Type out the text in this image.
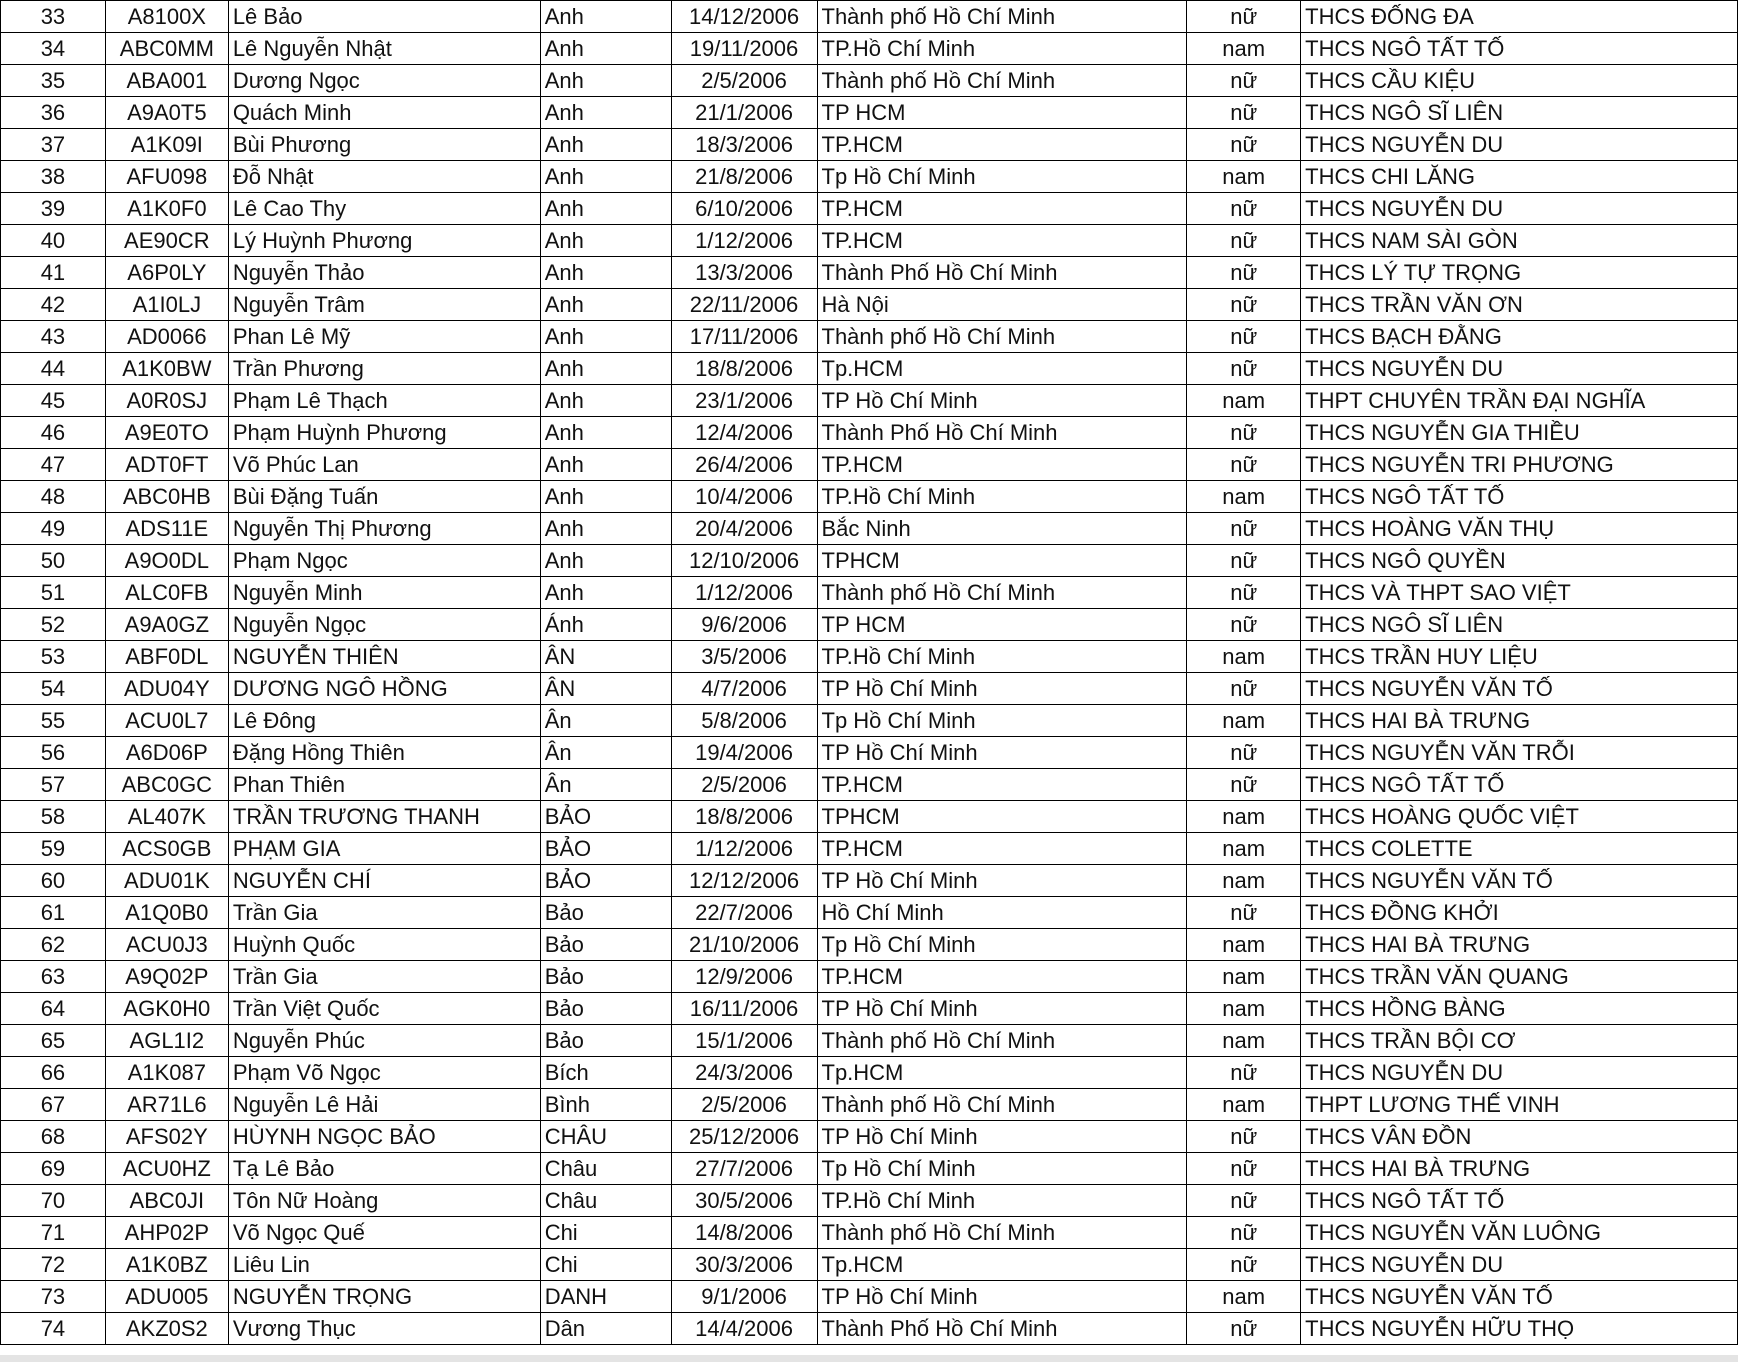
33	A8100X	Lê Bảo	Anh	14/12/2006	Thành phố Hồ Chí Minh	nữ	THCS ĐỐNG ĐA
34	ABC0MM	Lê Nguyễn Nhật	Anh	19/11/2006	TP.Hồ Chí Minh	nam	THCS NGÔ TẤT TỐ
35	ABA001	Dương Ngọc	Anh	2/5/2006	Thành phố Hồ Chí Minh	nữ	THCS CẦU KIỆU
36	A9A0T5	Quách Minh	Anh	21/1/2006	TP HCM	nữ	THCS NGÔ SĨ LIÊN
37	A1K09I	Bùi Phương	Anh	18/3/2006	TP.HCM	nữ	THCS NGUYỄN DU
38	AFU098	Đỗ Nhật	Anh	21/8/2006	Tp Hồ Chí Minh	nam	THCS CHI LĂNG
39	A1K0F0	Lê Cao Thy	Anh	6/10/2006	TP.HCM	nữ	THCS NGUYỄN DU
40	AE90CR	Lý Huỳnh Phương	Anh	1/12/2006	TP.HCM	nữ	THCS NAM SÀI GÒN
41	A6P0LY	Nguyễn Thảo	Anh	13/3/2006	Thành Phố Hồ Chí Minh	nữ	THCS LÝ TỰ TRỌNG
42	A1I0LJ	Nguyễn Trâm	Anh	22/11/2006	Hà Nội	nữ	THCS TRẦN VĂN ƠN
43	AD0066	Phan Lê Mỹ	Anh	17/11/2006	Thành phố Hồ Chí Minh	nữ	THCS BẠCH ĐẰNG
44	A1K0BW	Trần Phương	Anh	18/8/2006	Tp.HCM	nữ	THCS NGUYỄN DU
45	A0R0SJ	Phạm Lê Thạch	Anh	23/1/2006	TP Hồ Chí Minh	nam	THPT CHUYÊN TRẦN ĐẠI NGHĨA
46	A9E0TO	Phạm Huỳnh Phương	Anh	12/4/2006	Thành Phố Hồ Chí Minh	nữ	THCS NGUYỄN GIA THIỀU
47	ADT0FT	Võ Phúc Lan	Anh	26/4/2006	TP.HCM	nữ	THCS NGUYỄN TRI PHƯƠNG
48	ABC0HB	Bùi Đặng Tuấn	Anh	10/4/2006	TP.Hồ Chí Minh	nam	THCS NGÔ TẤT TỐ
49	ADS11E	Nguyễn Thị Phương	Anh	20/4/2006	Bắc Ninh	nữ	THCS HOÀNG VĂN THỤ
50	A9O0DL	Phạm Ngọc	Anh	12/10/2006	TPHCM	nữ	THCS NGÔ QUYỀN
51	ALC0FB	Nguyễn Minh	Anh	1/12/2006	Thành phố Hồ Chí Minh	nữ	THCS VÀ THPT SAO VIỆT
52	A9A0GZ	Nguyễn Ngọc	Ánh	9/6/2006	TP HCM	nữ	THCS NGÔ SĨ LIÊN
53	ABF0DL	NGUYỄN THIÊN	ÂN	3/5/2006	TP.Hồ Chí Minh	nam	THCS TRẦN HUY LIỆU
54	ADU04Y	DƯƠNG NGÔ HỒNG	ÂN	4/7/2006	TP Hồ Chí Minh	nữ	THCS NGUYỄN VĂN TỐ
55	ACU0L7	Lê Đông	Ân	5/8/2006	Tp Hồ Chí Minh	nam	THCS HAI BÀ TRƯNG
56	A6D06P	Đặng Hồng Thiên	Ân	19/4/2006	TP Hồ Chí Minh	nữ	THCS NGUYỄN VĂN TRỖI
57	ABC0GC	Phan Thiên	Ân	2/5/2006	TP.HCM	nữ	THCS NGÔ TẤT TỐ
58	AL407K	TRẦN TRƯƠNG THANH	BẢO	18/8/2006	TPHCM	nam	THCS HOÀNG QUỐC VIỆT
59	ACS0GB	PHẠM GIA	BẢO	1/12/2006	TP.HCM	nam	THCS COLETTE
60	ADU01K	NGUYỄN CHÍ	BẢO	12/12/2006	TP Hồ Chí Minh	nam	THCS NGUYỄN VĂN TỐ
61	A1Q0B0	Trần Gia	Bảo	22/7/2006	Hồ Chí Minh	nữ	THCS ĐỒNG KHỞI
62	ACU0J3	Huỳnh Quốc	Bảo	21/10/2006	Tp Hồ Chí Minh	nam	THCS HAI BÀ TRƯNG
63	A9Q02P	Trần Gia	Bảo	12/9/2006	TP.HCM	nam	THCS TRẦN VĂN QUANG
64	AGK0H0	Trần Việt Quốc	Bảo	16/11/2006	TP Hồ Chí Minh	nam	THCS HỒNG BÀNG
65	AGL1I2	Nguyễn Phúc	Bảo	15/1/2006	Thành phố Hồ Chí Minh	nam	THCS TRẦN BỘI CƠ
66	A1K087	Phạm Võ Ngọc	Bích	24/3/2006	Tp.HCM	nữ	THCS NGUYỄN DU
67	AR71L6	Nguyễn Lê Hải	Bình	2/5/2006	Thành phố Hồ Chí Minh	nam	THPT LƯƠNG THẾ VINH
68	AFS02Y	HÙYNH NGỌC BẢO	CHÂU	25/12/2006	TP Hồ Chí Minh	nữ	THCS VÂN ĐỒN
69	ACU0HZ	Tạ Lê Bảo	Châu	27/7/2006	Tp Hồ Chí Minh	nữ	THCS HAI BÀ TRƯNG
70	ABC0JI	Tôn Nữ Hoàng	Châu	30/5/2006	TP.Hồ Chí Minh	nữ	THCS NGÔ TẤT TỐ
71	AHP02P	Võ Ngọc Quế	Chi	14/8/2006	Thành phố Hồ Chí Minh	nữ	THCS NGUYỄN VĂN LUÔNG
72	A1K0BZ	Liêu Lin	Chi	30/3/2006	Tp.HCM	nữ	THCS NGUYỄN DU
73	ADU005	NGUYỄN TRỌNG	DANH	9/1/2006	TP Hồ Chí Minh	nam	THCS NGUYỄN VĂN TỐ
74	AKZ0S2	Vương Thục	Dân	14/4/2006	Thành Phố Hồ Chí Minh	nữ	THCS NGUYỄN HỮU THỌ
